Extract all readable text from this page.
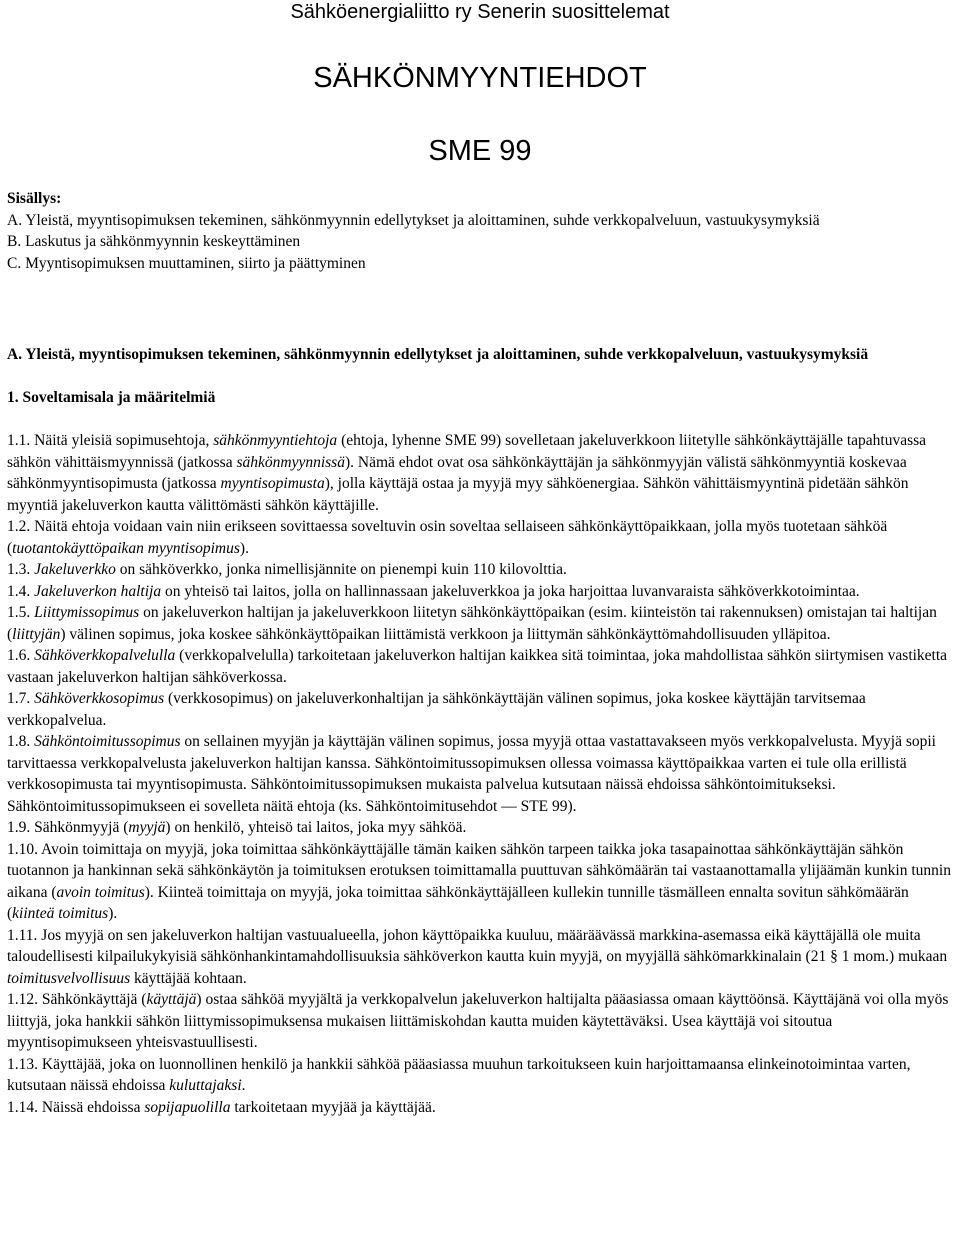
Sähköenergialiitto ry Senerin suosittelemat
SÄHKÖNMYYNTIEHDOT
SME 99
Sisällys:
A. Yleistä, myyntisopimuksen tekeminen, sähkönmyynnin edellytykset ja aloittaminen, suhde verkkopalveluun, vastuukysymyksiä
B. Laskutus ja sähkönmyynnin keskeyttäminen
C. Myyntisopimuksen muuttaminen, siirto ja päättyminen
A. Yleistä, myyntisopimuksen tekeminen, sähkönmyynnin edellytykset ja aloittaminen, suhde verkkopalveluun, vastuukysymyksiä
1. Soveltamisala ja määritelmiä

1.1. Näitä yleisiä sopimusehtoja, sähkönmyyntiehtoja (ehtoja, lyhenne SME 99) sovelletaan jakeluverkkoon liitetylle sähkönkäyttäjälle tapahtuvassa sähkön vähittäismyynnissä (jatkossa sähkönmyynnissä). Nämä ehdot ovat osa sähkönkäyttäjän ja sähkönmyyjän välistä sähkönmyyntiä koskevaa sähkönmyyntisopimusta (jatkossa myyntisopimusta), jolla käyttäjä ostaa ja myyjä myy sähköenergiaa. Sähkön vähittäismyyntinä pidetään sähkön myyntiä jakeluverkon kautta välittömästi sähkön käyttäjille.

1.2. Näitä ehtoja voidaan vain niin erikseen sovittaessa soveltuvin osin soveltaa sellaiseen sähkönkäyttöpaikkaan, jolla myös tuotetaan sähköä (tuotantokäyttöpaikan myyntisopimus).

1.3. Jakeluverkko on sähköverkko, jonka nimellisjännite on pienempi kuin 110 kilovolttia.

1.4. Jakeluverkon haltija on yhteisö tai laitos, jolla on hallinnassaan jakeluverkkoa ja joka harjoittaa luvanvaraista sähköverkkotoimintaa.

1.5. Liittymissopimus on jakeluverkon haltijan ja jakeluverkkoon liitetyn sähkönkäyttöpaikan (esim. kiinteistön tai rakennuksen) omistajan tai haltijan (liittyjän) välinen sopimus, joka koskee sähkönkäyttöpaikan liittämistä verkkoon ja liittymän sähkönkäyttömahdollisuuden ylläpitoa.

1.6. Sähköverkkopalvelulla (verkkopalvelulla) tarkoitetaan jakeluverkon haltijan kaikkea sitä toimintaa, joka mahdollistaa sähkön siirtymisen vastiketta vastaan jakeluverkon haltijan sähköverkossa.

1.7. Sähköverkkosopimus (verkkosopimus) on jakeluverkonhaltijan ja sähkönkäyttäjän välinen sopimus, joka koskee käyttäjän tarvitsemaa verkkopalvelua.

1.8. Sähköntoimitussopimus on sellainen myyjän ja käyttäjän välinen sopimus, jossa myyjä ottaa vastattavakseen myös verkkopalvelusta. Myyjä sopii tarvittaessa verkkopalvelusta jakeluverkon haltijan kanssa. Sähköntoimitussopimuksen ollessa voimassa käyttöpaikkaa varten ei tule olla erillistä verkkosopimusta tai myyntisopimusta. Sähköntoimitussopimuksen mukaista palvelua kutsutaan näissä ehdoissa sähköntoimitukseksi. Sähköntoimitussopimukseen ei sovelleta näitä ehtoja (ks. Sähköntoimitusehdot — STE 99).

1.9. Sähkönmyyjä (myyjä) on henkilö, yhteisö tai laitos, joka myy sähköä.

1.10. Avoin toimittaja on myyjä, joka toimittaa sähkönkäyttäjälle tämän kaiken sähkön tarpeen taikka joka tasapainottaa sähkönkäyttäjän sähkön tuotannon ja hankinnan sekä sähkönkäytön ja toimituksen erotuksen toimittamalla puuttuvan sähkömäärän tai vastaanottamalla ylijäämän kunkin tunnin aikana (avoin toimitus). Kiinteä toimittaja on myyjä, joka toimittaa sähkönkäyttäjälleen kullekin tunnille täsmälleen ennalta sovitun sähkömäärän (kiinteä toimitus).

1.11. Jos myyjä on sen jakeluverkon haltijan vastuualueella, johon käyttöpaikka kuuluu, määräävässä markkina-asemassa eikä käyttäjällä ole muita taloudellisesti kilpailukykyisiä sähkönhankintamahdollisuuksia sähköverkon kautta kuin myyjä, on myyjällä sähkömarkkinalain (21 § 1 mom.) mukaan toimitusvelvollisuus käyttäjää kohtaan.

1.12. Sähkönkäyttäjä (käyttäjä) ostaa sähköä myyjältä ja verkkopalvelun jakeluverkon haltijalta pääasiassa omaan käyttöönsä. Käyttäjänä voi olla myös liittyjä, joka hankkii sähkön liittymissopimuksensa mukaisen liittämiskohdan kautta muiden käytettäväksi. Usea käyttäjä voi sitoutua myyntisopimukseen yhteisvastuullisesti.

1.13. Käyttäjää, joka on luonnollinen henkilö ja hankkii sähköä pääasiassa muuhun tarkoitukseen kuin harjoittamaansa elinkeinotoimintaa varten, kutsutaan näissä ehdoissa kuluttajaksi.

1.14. Näissä ehdoissa sopijapuolilla tarkoitetaan myyjää ja käyttäjää.
